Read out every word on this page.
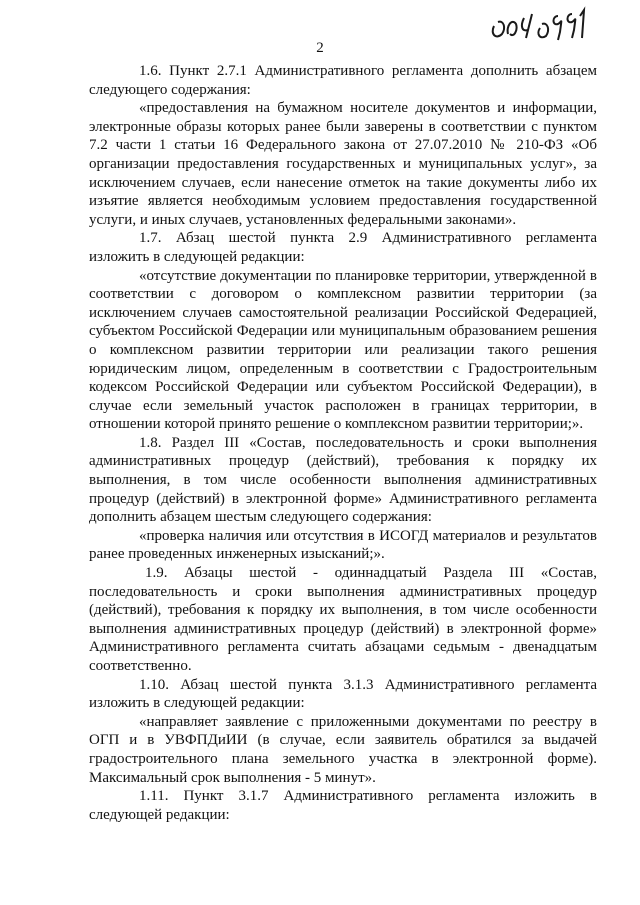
2

1.6. Пункт 2.7.1 Административного регламента дополнить абзацем следующего содержания:

«предоставления на бумажном носителе документов и информации, электронные образы которых ранее были заверены в соответствии с пунктом 7.2 части 1 статьи 16 Федерального закона от 27.07.2010 № 210-ФЗ «Об организации предоставления государственных и муниципальных услуг», за исключением случаев, если нанесение отметок на такие документы либо их изъятие является необходимым условием предоставления государственной услуги, и иных случаев, установленных федеральными законами».

1.7. Абзац шестой пункта 2.9 Административного регламента изложить в следующей редакции:

«отсутствие документации по планировке территории, утвержденной в соответствии с договором о комплексном развитии территории (за исключением случаев самостоятельной реализации Российской Федерацией, субъектом Российской Федерации или муниципальным образованием решения о комплексном развитии территории или реализации такого решения юридическим лицом, определенным в соответствии с Градостроительным кодексом Российской Федерации или субъектом Российской Федерации), в случае если земельный участок расположен в границах территории, в отношении которой принято решение о комплексном развитии территории;».

1.8. Раздел III «Состав, последовательность и сроки выполнения административных процедур (действий), требования к порядку их выполнения, в том числе особенности выполнения административных процедур (действий) в электронной форме» Административного регламента дополнить абзацем шестым следующего содержания:

«проверка наличия или отсутствия в ИСОГД материалов и результатов ранее проведенных инженерных изысканий;».

1.9. Абзацы шестой - одиннадцатый Раздела III «Состав, последовательность и сроки выполнения административных процедур (действий), требования к порядку их выполнения, в том числе особенности выполнения административных процедур (действий) в электронной форме» Административного регламента считать абзацами седьмым - двенадцатым соответственно.

1.10. Абзац шестой пункта 3.1.3 Административного регламента изложить в следующей редакции:

«направляет заявление с приложенными документами по реестру в ОГП и в УВФПДиИИ (в случае, если заявитель обратился за выдачей градостроительного плана земельного участка в электронной форме). Максимальный срок выполнения - 5 минут».

1.11. Пункт 3.1.7 Административного регламента изложить в следующей редакции:
